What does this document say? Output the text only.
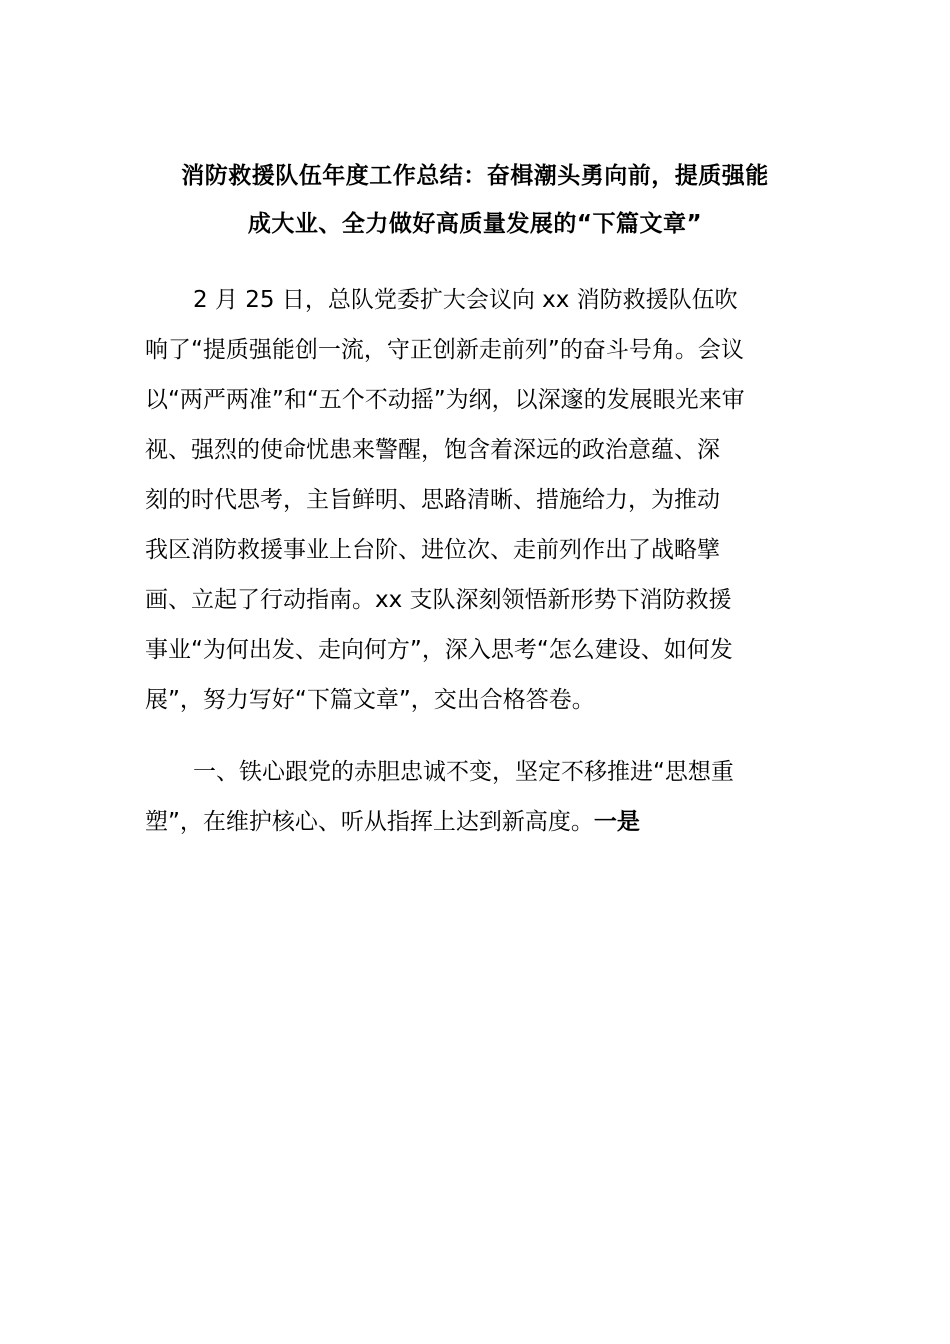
消防救援队伍年度工作总结：奋楫潮头勇向前，提质强能
成大业、全力做好高质量发展的“下篇文章”
2 月 25 日，总队党委扩大会议向 xx 消防救援队伍吹
响了“提质强能创一流，守正创新走前列”的奋斗号角。会议
以“两严两准”和“五个不动摇”为纲，以深邃的发展眼光来审
视、强烈的使命忧患来警醒，饱含着深远的政治意蕴、深
刻的时代思考，主旨鲜明、思路清晰、措施给力，为推动
我区消防救援事业上台阶、进位次、走前列作出了战略擘
画、立起了行动指南。xx 支队深刻领悟新形势下消防救援
事业“为何出发、走向何方”，深入思考“怎么建设、如何发
展”，努力写好“下篇文章”，交出合格答卷。
一、铁心跟党的赤胆忠诚不变，坚定不移推进“思想重
塑”，在维护核心、听从指挥上达到新高度。一是
